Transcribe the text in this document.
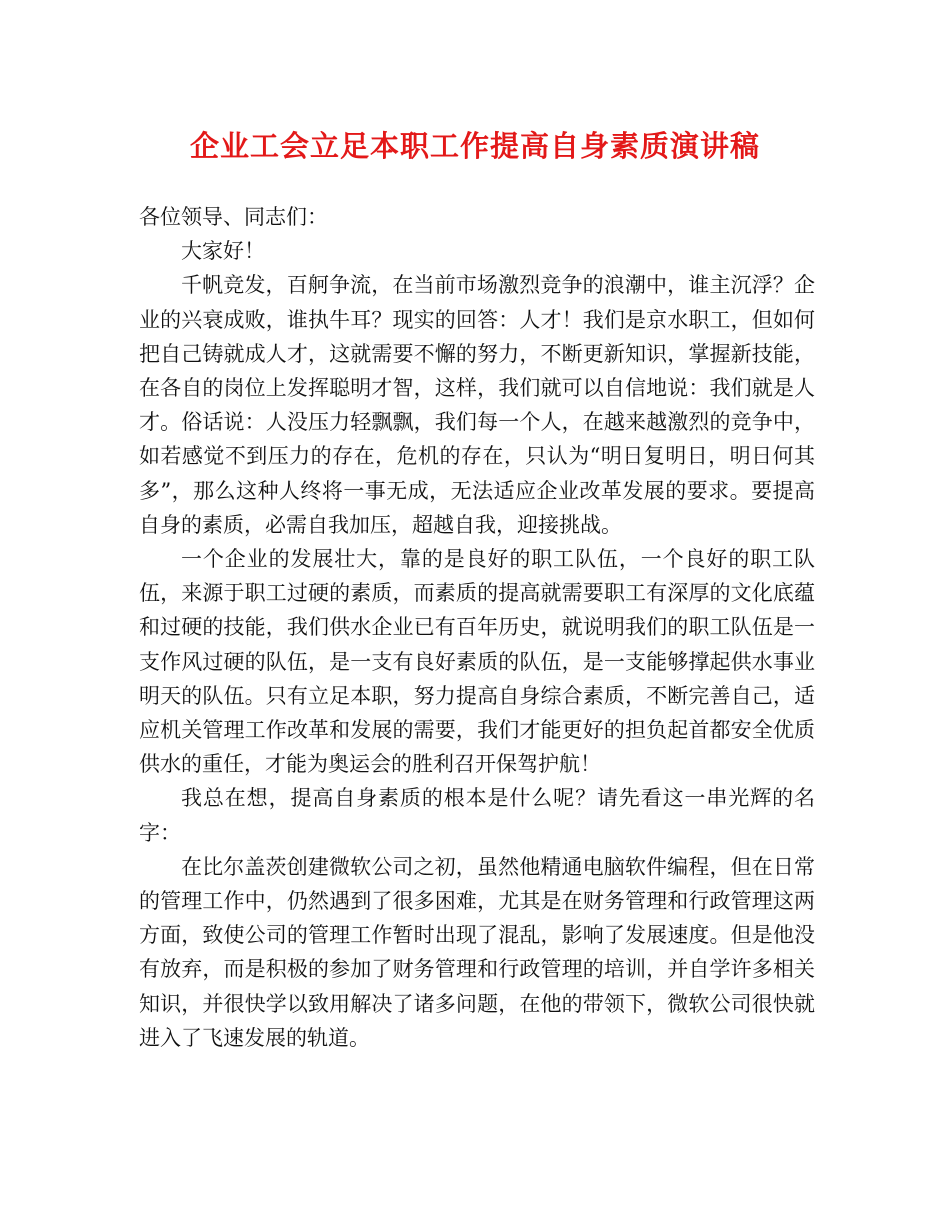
企业工会立足本职工作提高自身素质演讲稿

各位领导、同志们：

大家好！

千帆竞发，百舸争流，在当前市场激烈竞争的浪潮中，谁主沉浮？企业的兴衰成败，谁执牛耳？现实的回答：人才！我们是京水职工，但如何把自己铸就成人才，这就需要不懈的努力，不断更新知识，掌握新技能，在各自的岗位上发挥聪明才智，这样，我们就可以自信地说：我们就是人才。俗话说：人没压力轻飘飘，我们每一个人，在越来越激烈的竞争中，如若感觉不到压力的存在，危机的存在，只认为“明日复明日，明日何其多”，那么这种人终将一事无成，无法适应企业改革发展的要求。要提高自身的素质，必需自我加压，超越自我，迎接挑战。

一个企业的发展壮大，靠的是良好的职工队伍，一个良好的职工队伍，来源于职工过硬的素质，而素质的提高就需要职工有深厚的文化底蕴和过硬的技能，我们供水企业已有百年历史，就说明我们的职工队伍是一支作风过硬的队伍，是一支有良好素质的队伍，是一支能够撑起供水事业明天的队伍。只有立足本职，努力提高自身综合素质，不断完善自己，适应机关管理工作改革和发展的需要，我们才能更好的担负起首都安全优质供水的重任，才能为奥运会的胜利召开保驾护航！

我总在想，提高自身素质的根本是什么呢？请先看这一串光辉的名字：

在比尔盖茨创建微软公司之初，虽然他精通电脑软件编程，但在日常的管理工作中，仍然遇到了很多困难，尤其是在财务管理和行政管理这两方面，致使公司的管理工作暂时出现了混乱，影响了发展速度。但是他没有放弃，而是积极的参加了财务管理和行政管理的培训，并自学许多相关知识，并很快学以致用解决了诸多问题，在他的带领下，微软公司很快就进入了飞速发展的轨道。
